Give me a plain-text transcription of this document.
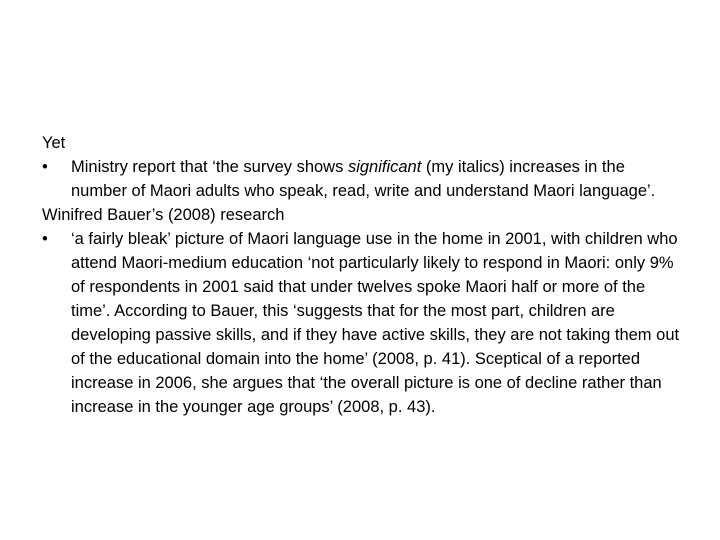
Yet

•	Ministry report that ‘the survey shows significant (my italics) increases in the number of Maori adults who speak, read, write and understand Maori language’.

Winifred Bauer’s (2008) research

•	‘a fairly bleak’ picture of Maori language use in the home in 2001, with children who attend Maori-medium education ‘not particularly likely to respond in Maori: only 9% of respondents in 2001 said that under twelves spoke Maori half or more of the time’. According to Bauer, this ‘suggests that for the most part, children are developing passive skills, and if they have active skills, they are not taking them out of the educational domain into the home’ (2008, p. 41). Sceptical of a reported increase in 2006, she argues that ‘the overall picture is one of decline rather than increase in the younger age groups’ (2008, p. 43).
